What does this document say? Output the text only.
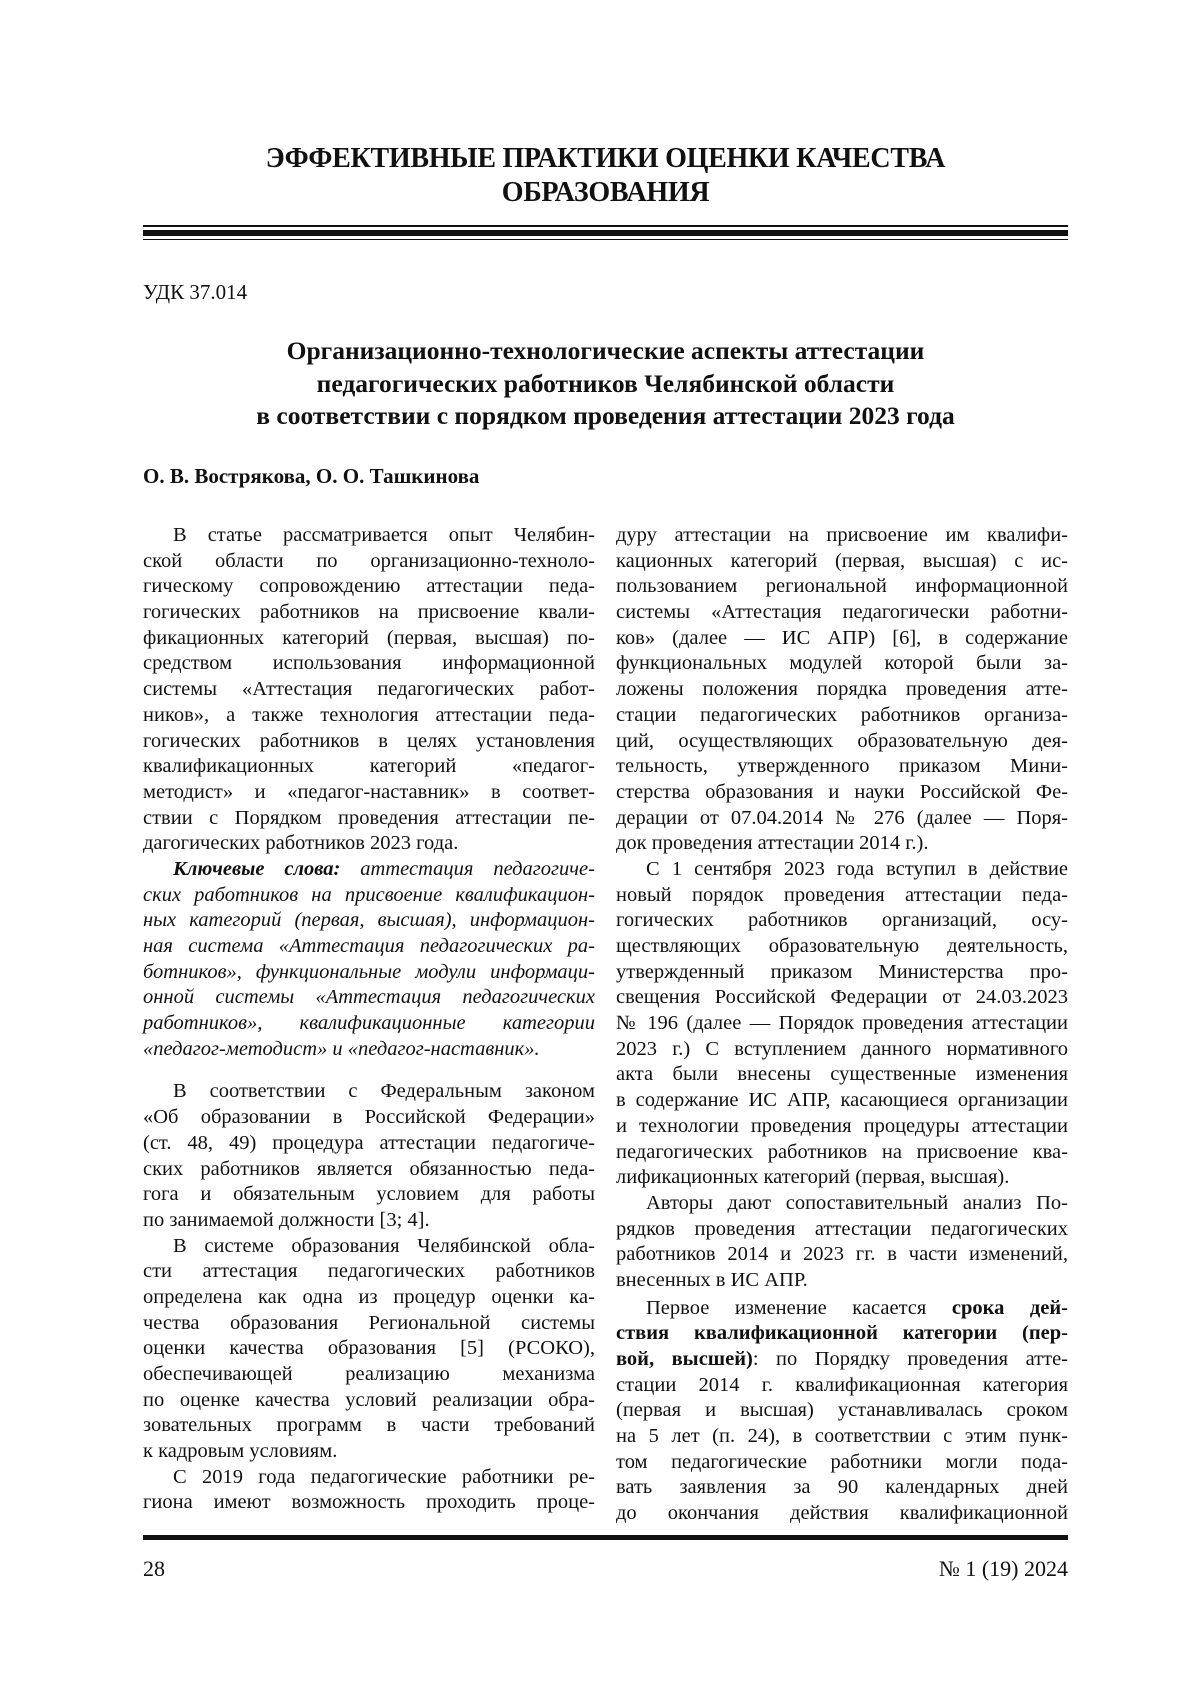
ЭФФЕКТИВНЫЕ ПРАКТИКИ ОЦЕНКИ КАЧЕСТВА
ОБРАЗОВАНИЯ
УДК 37.014
Организационно-технологические аспекты аттестации
педагогических работников Челябинской области
в соответствии с порядком проведения аттестации 2023 года
О. В. Вострякова, О. О. Ташкинова
В статье рассматривается опыт Челябин-
ской области по организационно-техноло-
гическому сопровождению аттестации педа-
гогических работников на присвоение квали-
фикационных категорий (первая, высшая) по-
средством использования информационной
системы «Аттестация педагогических работ-
ников», а также технология аттестации педа-
гогических работников в целях установления
квалификационных категорий «педагог-
методист» и «педагог-наставник» в соответ-
ствии с Порядком проведения аттестации пе-
дагогических работников 2023 года.
Ключевые слова: аттестация педагогиче-
ских работников на присвоение квалификацион-
ных категорий (первая, высшая), информацион-
ная система «Аттестация педагогических ра-
ботников», функциональные модули информаци-
онной системы «Аттестация педагогических
работников», квалификационные категории
«педагог-методист» и «педагог-наставник».
В соответствии с Федеральным законом
«Об образовании в Российской Федерации»
(ст. 48, 49) процедура аттестации педагогиче-
ских работников является обязанностью педа-
гога и обязательным условием для работы
по занимаемой должности [3; 4].
В системе образования Челябинской обла-
сти аттестация педагогических работников
определена как одна из процедур оценки ка-
чества образования Региональной системы
оценки качества образования [5] (РСОКО),
обеспечивающей реализацию механизма
по оценке качества условий реализации обра-
зовательных программ в части требований
к кадровым условиям.
С 2019 года педагогические работники ре-
гиона имеют возможность проходить проце-
дуру аттестации на присвоение им квалифи-
кационных категорий (первая, высшая) с ис-
пользованием региональной информационной
системы «Аттестация педагогически работни-
ков» (далее — ИС АПР) [6], в содержание
функциональных модулей которой были за-
ложены положения порядка проведения атте-
стации педагогических работников организа-
ций, осуществляющих образовательную дея-
тельность, утвержденного приказом Мини-
стерства образования и науки Российской Фе-
дерации от 07.04.2014 № 276 (далее — Поря-
док проведения аттестации 2014 г.).
С 1 сентября 2023 года вступил в действие
новый порядок проведения аттестации педа-
гогических работников организаций, осу-
ществляющих образовательную деятельность,
утвержденный приказом Министерства про-
свещения Российской Федерации от 24.03.2023
№ 196 (далее — Порядок проведения аттестации
2023 г.) С вступлением данного нормативного
акта были внесены существенные изменения
в содержание ИС АПР, касающиеся организации
и технологии проведения процедуры аттестации
педагогических работников на присвоение ква-
лификационных категорий (первая, высшая).
Авторы дают сопоставительный анализ По-
рядков проведения аттестации педагогических
работников 2014 и 2023 гг. в части изменений,
внесенных в ИС АПР.
Первое изменение касается срока дей-
ствия квалификационной категории (пер-
вой, высшей): по Порядку проведения атте-
стации 2014 г. квалификационная категория
(первая и высшая) устанавливалась сроком
на 5 лет (п. 24), в соответствии с этим пунк-
том педагогические работники могли пода-
вать заявления за 90 календарных дней
до окончания действия квалификационной
28	№ 1 (19) 2024
